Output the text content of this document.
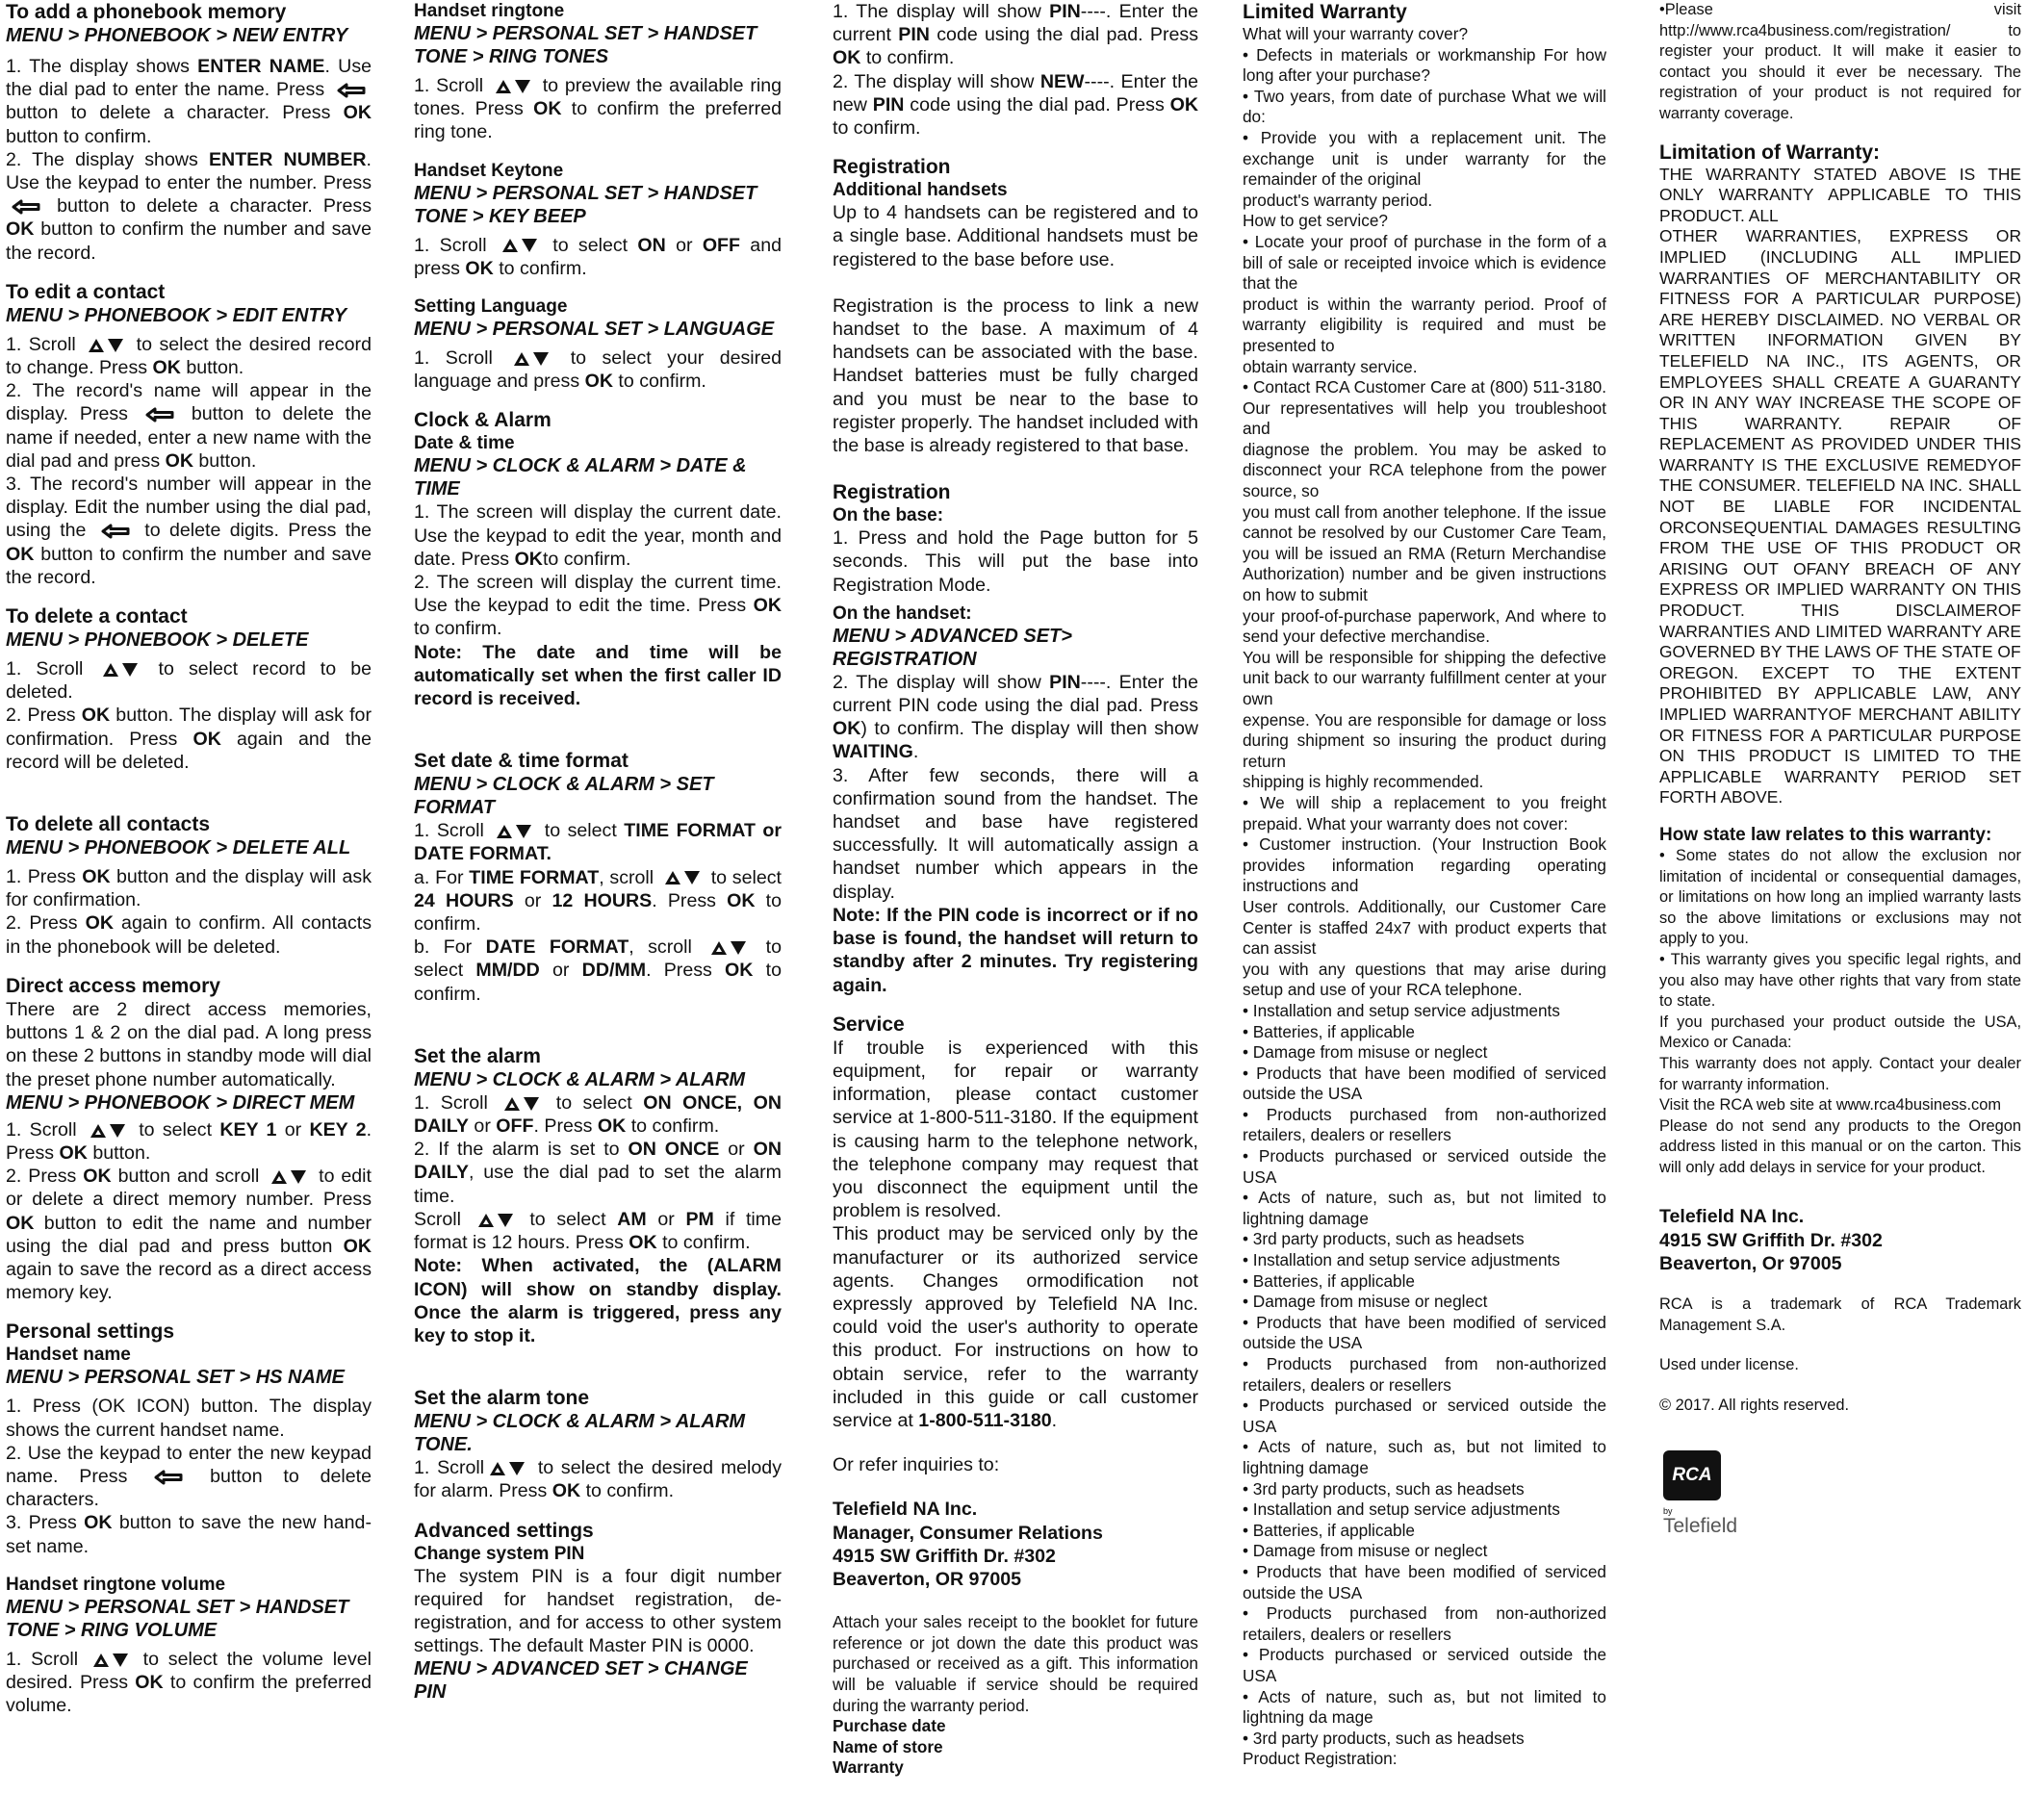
To add a phonebook memory
MENU > PHONEBOOK > NEW ENTRY

1. The display shows ENTER NAME. Use the dial pad to enter the name. Press
button to delete a character. Press OK button to confirm.

2. The display shows ENTER NUMBER. Use the keypad to enter the number. Press
button to delete a character. Press OK button to confirm the number and save the record.

To edit a contact
MENU > PHONEBOOK > EDIT ENTRY

1. Scroll
to select the desired record to change. Press OK button.

2. The record's name will appear in the display. Press	button to delete the name if needed, enter a new name with the dial pad and press OK button.

3. The record's number will appear in the display. Edit the number using the dial pad, using the	to delete digits. Press the OK button to confirm the number and save the record.

To delete a contact
MENU > PHONEBOOK > DELETE

1. Scroll
to select record to be deleted.

2. Press OK button. The display will ask for confirmation. Press OK again and the record will be deleted.

To delete all contacts
MENU > PHONEBOOK > DELETE ALL

1. Press OK button and the display will ask for confirmation.

2. Press OK again to confirm. All contacts in the phonebook will be deleted.

Direct access memory

There are 2 direct access memories, buttons 1 & 2 on the dial pad. A long press on these 2 buttons in standby mode will dial the preset phone number automatically.

MENU > PHONEBOOK > DIRECT MEM

1. Scroll
to select KEY 1 or KEY 2. Press OK button.

2. Press OK button and scroll
to edit or delete a direct memory number. Press OK button to edit the name and number using the dial pad and press button OK again to save the record as a direct access memory key.

Personal settings
Handset name
MENU > PERSONAL SET > HS NAME

1. Press (OK ICON) button. The display shows the current handset name.

2. Use the keypad to enter the new keypad name. Press	button to delete characters.

3. Press OK button to save the new hand-set name.

Handset ringtone volume
MENU > PERSONAL SET > HANDSET TONE > RING VOLUME

1. Scroll
to select the volume level desired. Press OK to confirm the preferred volume.

Handset ringtone
MENU > PERSONAL SET > HANDSET TONE > RING TONES

1. Scroll
to preview the available ring tones. Press OK to confirm the preferred ring tone.

Handset Keytone
MENU > PERSONAL SET > HANDSET TONE > KEY BEEP

1. Scroll
to select ON or OFF and press OK to confirm.

Setting Language
MENU > PERSONAL SET > LANGUAGE

1. Scroll
to select your desired language and press OK to confirm.

Clock & Alarm
Date & time
MENU > CLOCK & ALARM > DATE & TIME

1. The screen will display the current date. Use the keypad to edit the year, month and date. Press OKto confirm.

2. The screen will display the current time. Use the keypad to edit the time. Press OK to confirm.

Note: The date and time will be automatically set when the first caller ID record is received.

Set date & time format
MENU > CLOCK & ALARM > SET FORMAT

1. Scroll
to select TIME FORMAT or DATE FORMAT.

a. For TIME FORMAT, scroll
to select 24 HOURS or 12 HOURS. Press OK to confirm.

b. For DATE FORMAT, scroll
to select MM/DD or DD/MM. Press OK to confirm.

Set the alarm
MENU > CLOCK & ALARM > ALARM

1. Scroll
to select ON ONCE, ON DAILY or OFF. Press OK to confirm.

2. If the alarm is set to ON ONCE or ON DAILY, use the dial pad to set the alarm time.

Scroll
to select AM or PM if time format is 12 hours. Press OK to confirm.

Note: When activated, the (ALARM ICON) will show on standby display. Once the alarm is triggered, press any key to stop it.

Set the alarm tone
MENU > CLOCK & ALARM > ALARM TONE.

1. Scroll
to select the desired melody for alarm. Press OK to confirm.

Advanced settings
Change system PIN

The system PIN is a four digit number required for handset registration, de-registration, and for access to other system settings. The default Master PIN is 0000.

MENU > ADVANCED SET > CHANGE PIN

1. The display will show PIN----. Enter the current PIN code using the dial pad. Press OK to confirm.

2. The display will show NEW----. Enter the new PIN code using the dial pad. Press OK to confirm.

Registration
Additional handsets

Up to 4 handsets can be registered and to a single base. Additional handsets must be registered to the base before use.

Registration is the process to link a new handset to the base. A maximum of 4 handsets can be associated with the base. Handset batteries must be fully charged and you must be near to the base to register properly. The handset included with the base is already registered to that base.

Registration
On the base:

1. Press and hold the Page button for 5 seconds. This will put the base into Registration Mode.

On the handset:
MENU > ADVANCED SET> REGISTRATION

2. The display will show PIN----. Enter the current PIN code using the dial pad. Press OK) to confirm. The display will then show WAITING.

3. After few seconds, there will a confirmation sound from the handset. The handset and base have registered successfully. It will automatically assign a handset number which appears in the display.

Note: If the PIN code is incorrect or if no base is found, the handset will return to standby after 2 minutes. Try registering again.

Service

If trouble is experienced with this equipment, for repair or warranty information, please contact customer service at 1-800-511-3180. If the equipment is causing harm to the telephone network, the telephone company may request that you disconnect the equipment until the problem is resolved.

This product may be serviced only by the manufacturer or its authorized service agents. Changes ormodification not expressly approved by Telefield NA Inc. could void the user's authority to operate this product. For instructions on how to obtain service, refer to the warranty included in this guide or call customer service at 1-800-511-3180.

Or refer inquiries to:

Telefield NA Inc.
Manager, Consumer Relations
4915 SW Griffith Dr. #302
Beaverton, OR 97005

Attach your sales receipt to the booklet for future reference or jot down the date this product was purchased or received as a gift. This information will be valuable if service should be required during the warranty period.

Purchase date
Name of store
Warranty
Limited Warranty

What will your warranty cover?

• Defects in materials or workmanship For how long after your purchase?

• Two years, from date of purchase What we will do:

• Provide you with a replacement unit. The exchange unit is under warranty for the remainder of the original

product's warranty period.

How to get service?

• Locate your proof of purchase in the form of a bill of sale or receipted invoice which is evidence that the

product is within the warranty period. Proof of warranty eligibility is required and must be presented to

obtain warranty service.

• Contact RCA Customer Care at (800) 511-3180. Our representatives will help you troubleshoot and

diagnose the problem. You may be asked to disconnect your RCA telephone from the power source, so

you must call from another telephone. If the issue cannot be resolved by our Customer Care Team, you will be issued an RMA (Return Merchandise Authorization) number and be given instructions on how to submit

your proof-of-purchase paperwork, And where to send your defective merchandise.

You will be responsible for shipping the defective unit back to our warranty fulfillment center at your own

expense. You are responsible for damage or loss during shipment so insuring the product during return

shipping is highly recommended.

• We will ship a replacement to you freight prepaid. What your warranty does not cover:

• Customer instruction. (Your Instruction Book provides information regarding operating instructions and

User controls. Additionally, our Customer Care Center is staffed 24x7 with product experts that can assist

you with any questions that may arise during setup and use of your RCA telephone.

• Installation and setup service adjustments

• Batteries, if applicable

• Damage from misuse or neglect

• Products that have been modified of serviced outside the USA

• Products purchased from non-authorized retailers, dealers or resellers

• Products purchased or serviced outside the USA

• Acts of nature, such as, but not limited to lightning damage

• 3rd party products, such as headsets

• Installation and setup service adjustments

• Batteries, if applicable

• Damage from misuse or neglect

• Products that have been modified of serviced outside the USA

• Products purchased from non-authorized retailers, dealers or resellers

• Products purchased or serviced outside the USA

• Acts of nature, such as, but not limited to lightning damage

• 3rd party products, such as headsets

• Installation and setup service adjustments

• Batteries, if applicable

• Damage from misuse or neglect

• Products that have been modified of serviced outside the USA

• Products purchased from non-authorized retailers, dealers or resellers

• Products purchased or serviced outside the USA

• Acts of nature, such as, but not limited to lightning da mage

• 3rd party products, such as headsets

Product Registration:

•Please visit http://www.rca4business.com/registration/ to register your product. It will make it easier to contact you should it ever be necessary. The registration of your product is not required for warranty coverage.

Limitation of Warranty:

THE WARRANTY STATED ABOVE IS THE ONLY WARRANTY APPLICABLE TO THIS PRODUCT. ALL

OTHER WARRANTIES, EXPRESS OR IMPLIED (INCLUDING ALL IMPLIED WARRANTIES OF MERCHANTABILITY OR FITNESS FOR A PARTICULAR PURPOSE) ARE HEREBY DISCLAIMED. NO VERBAL OR WRITTEN INFORMATION GIVEN BY TELEFIELD NA INC., ITS AGENTS, OR EMPLOYEES SHALL CREATE A GUARANTY OR IN ANY WAY INCREASE THE SCOPE OF THIS WARRANTY. REPAIR OF REPLACEMENT AS PROVIDED UNDER THIS WARRANTY IS THE EXCLUSIVE REMEDYOF THE CONSUMER. TELEFIELD NA INC. SHALL NOT BE LIABLE FOR INCIDENTAL ORCONSEQUENTIAL DAMAGES RESULTING FROM THE USE OF THIS PRODUCT OR ARISING OUT OFANY BREACH OF ANY EXPRESS OR IMPLIED WARRANTY ON THIS PRODUCT. THIS DISCLAIMEROF WARRANTIES AND LIMITED WARRANTY ARE GOVERNED BY THE LAWS OF THE STATE OF

OREGON. EXCEPT TO THE EXTENT PROHIBITED BY APPLICABLE LAW, ANY IMPLIED WARRANTYOF MERCHANT ABILITY OR FITNESS FOR A PARTICULAR PURPOSE ON THIS PRODUCT IS LIMITED TO THE APPLICABLE WARRANTY PERIOD SET FORTH ABOVE.

How state law relates to this warranty:

• Some states do not allow the exclusion nor limitation of incidental or consequential damages, or limitations on how long an implied warranty lasts so the above limitations or exclusions may not apply to you.

• This warranty gives you specific legal rights, and you also may have other rights that vary from state to state.

If you purchased your product outside the USA, Mexico or Canada:

This warranty does not apply. Contact your dealer for warranty information.

Visit the RCA web site at www.rca4business.com

Please do not send any products to the Oregon address listed in this manual or on the carton. This will only add delays in service for your product.

Telefield NA Inc.
4915 SW Griffith Dr. #302
Beaverton, Or 97005

RCA is a trademark of RCA Trademark Management S.A.

Used under license.

© 2017. All rights reserved.

RCA
by
Telefield
